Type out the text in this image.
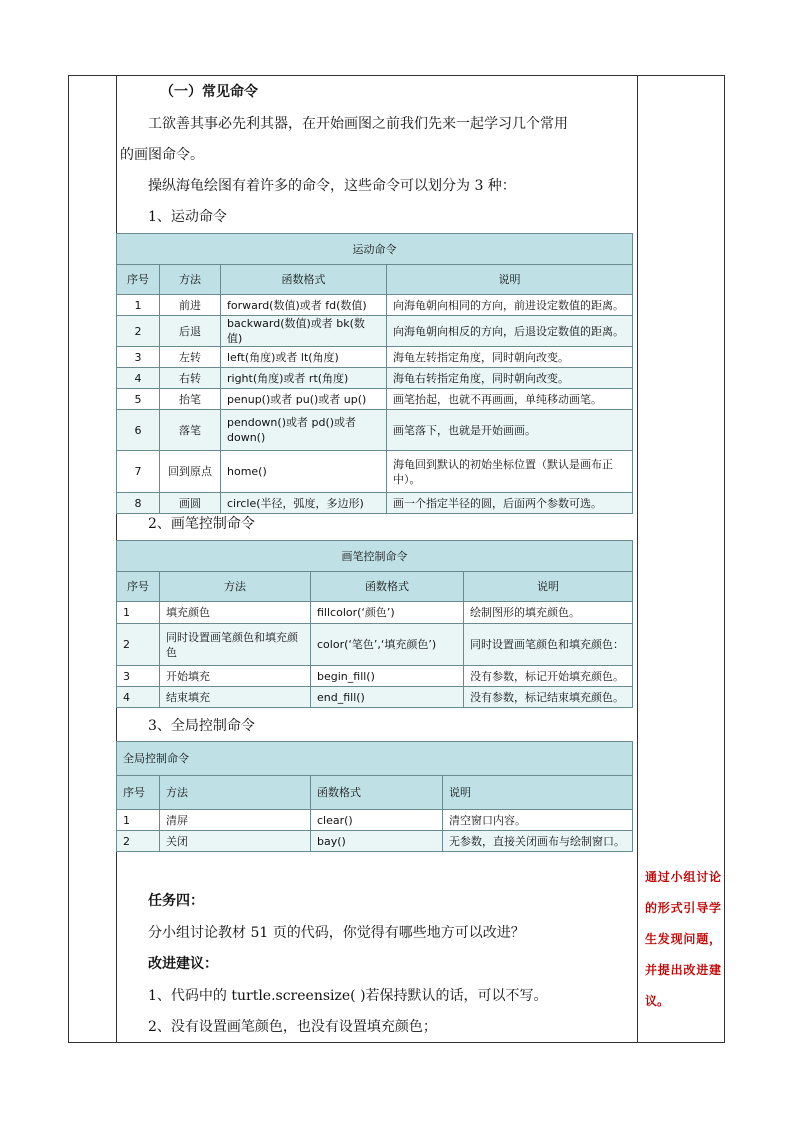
（一）常见命令
工欲善其事必先利其器，在开始画图之前我们先来一起学习几个常用
的画图命令。
操纵海龟绘图有着许多的命令，这些命令可以划分为 3 种：
1、运动命令
运动命令			
序号	方法	函数格式	说明
1	前进	forward(数值)或者 fd(数值)	向海龟朝向相同的方向，前进设定数值的距离。
2	后退	backward(数值)或者 bk(数值)	向海龟朝向相反的方向，后退设定数值的距离。
3	左转	left(角度)或者 lt(角度)	海龟左转指定角度，同时朝向改变。
4	右转	right(角度)或者 rt(角度)	海龟右转指定角度，同时朝向改变。
5	抬笔	penup()或者 pu()或者 up()	画笔抬起，也就不再画画，单纯移动画笔。
6	落笔	pendown()或者 pd()或者 down()	画笔落下，也就是开始画画。
7	回到原点	home()	海龟回到默认的初始坐标位置（默认是画布正中）。
8	画圆	circle(半径，弧度，多边形)	画一个指定半径的圆，后面两个参数可选。
2、画笔控制命令
画笔控制命令			
序号	方法	函数格式	说明
1	填充颜色	fillcolor(‘颜色’)	绘制图形的填充颜色。
2	同时设置画笔颜色和填充颜色	color(‘笔色’,‘填充颜色’)	同时设置画笔颜色和填充颜色：
3	开始填充	begin_fill()	没有参数，标记开始填充颜色。
4	结束填充	end_fill()	没有参数，标记结束填充颜色。
3、全局控制命令
全局控制命令			
序号	方法	函数格式	说明
1	清屏	clear()	清空窗口内容。
2	关闭	bay()	无参数，直接关闭画布与绘制窗口。
任务四：
分小组讨论教材 51 页的代码，你觉得有哪些地方可以改进？
改进建议：
1、代码中的 turtle.screensize( )若保持默认的话，可以不写。
2、没有设置画笔颜色，也没有设置填充颜色；
通过小组讨论的形式引导学生发现问题，并提出改进建议。
